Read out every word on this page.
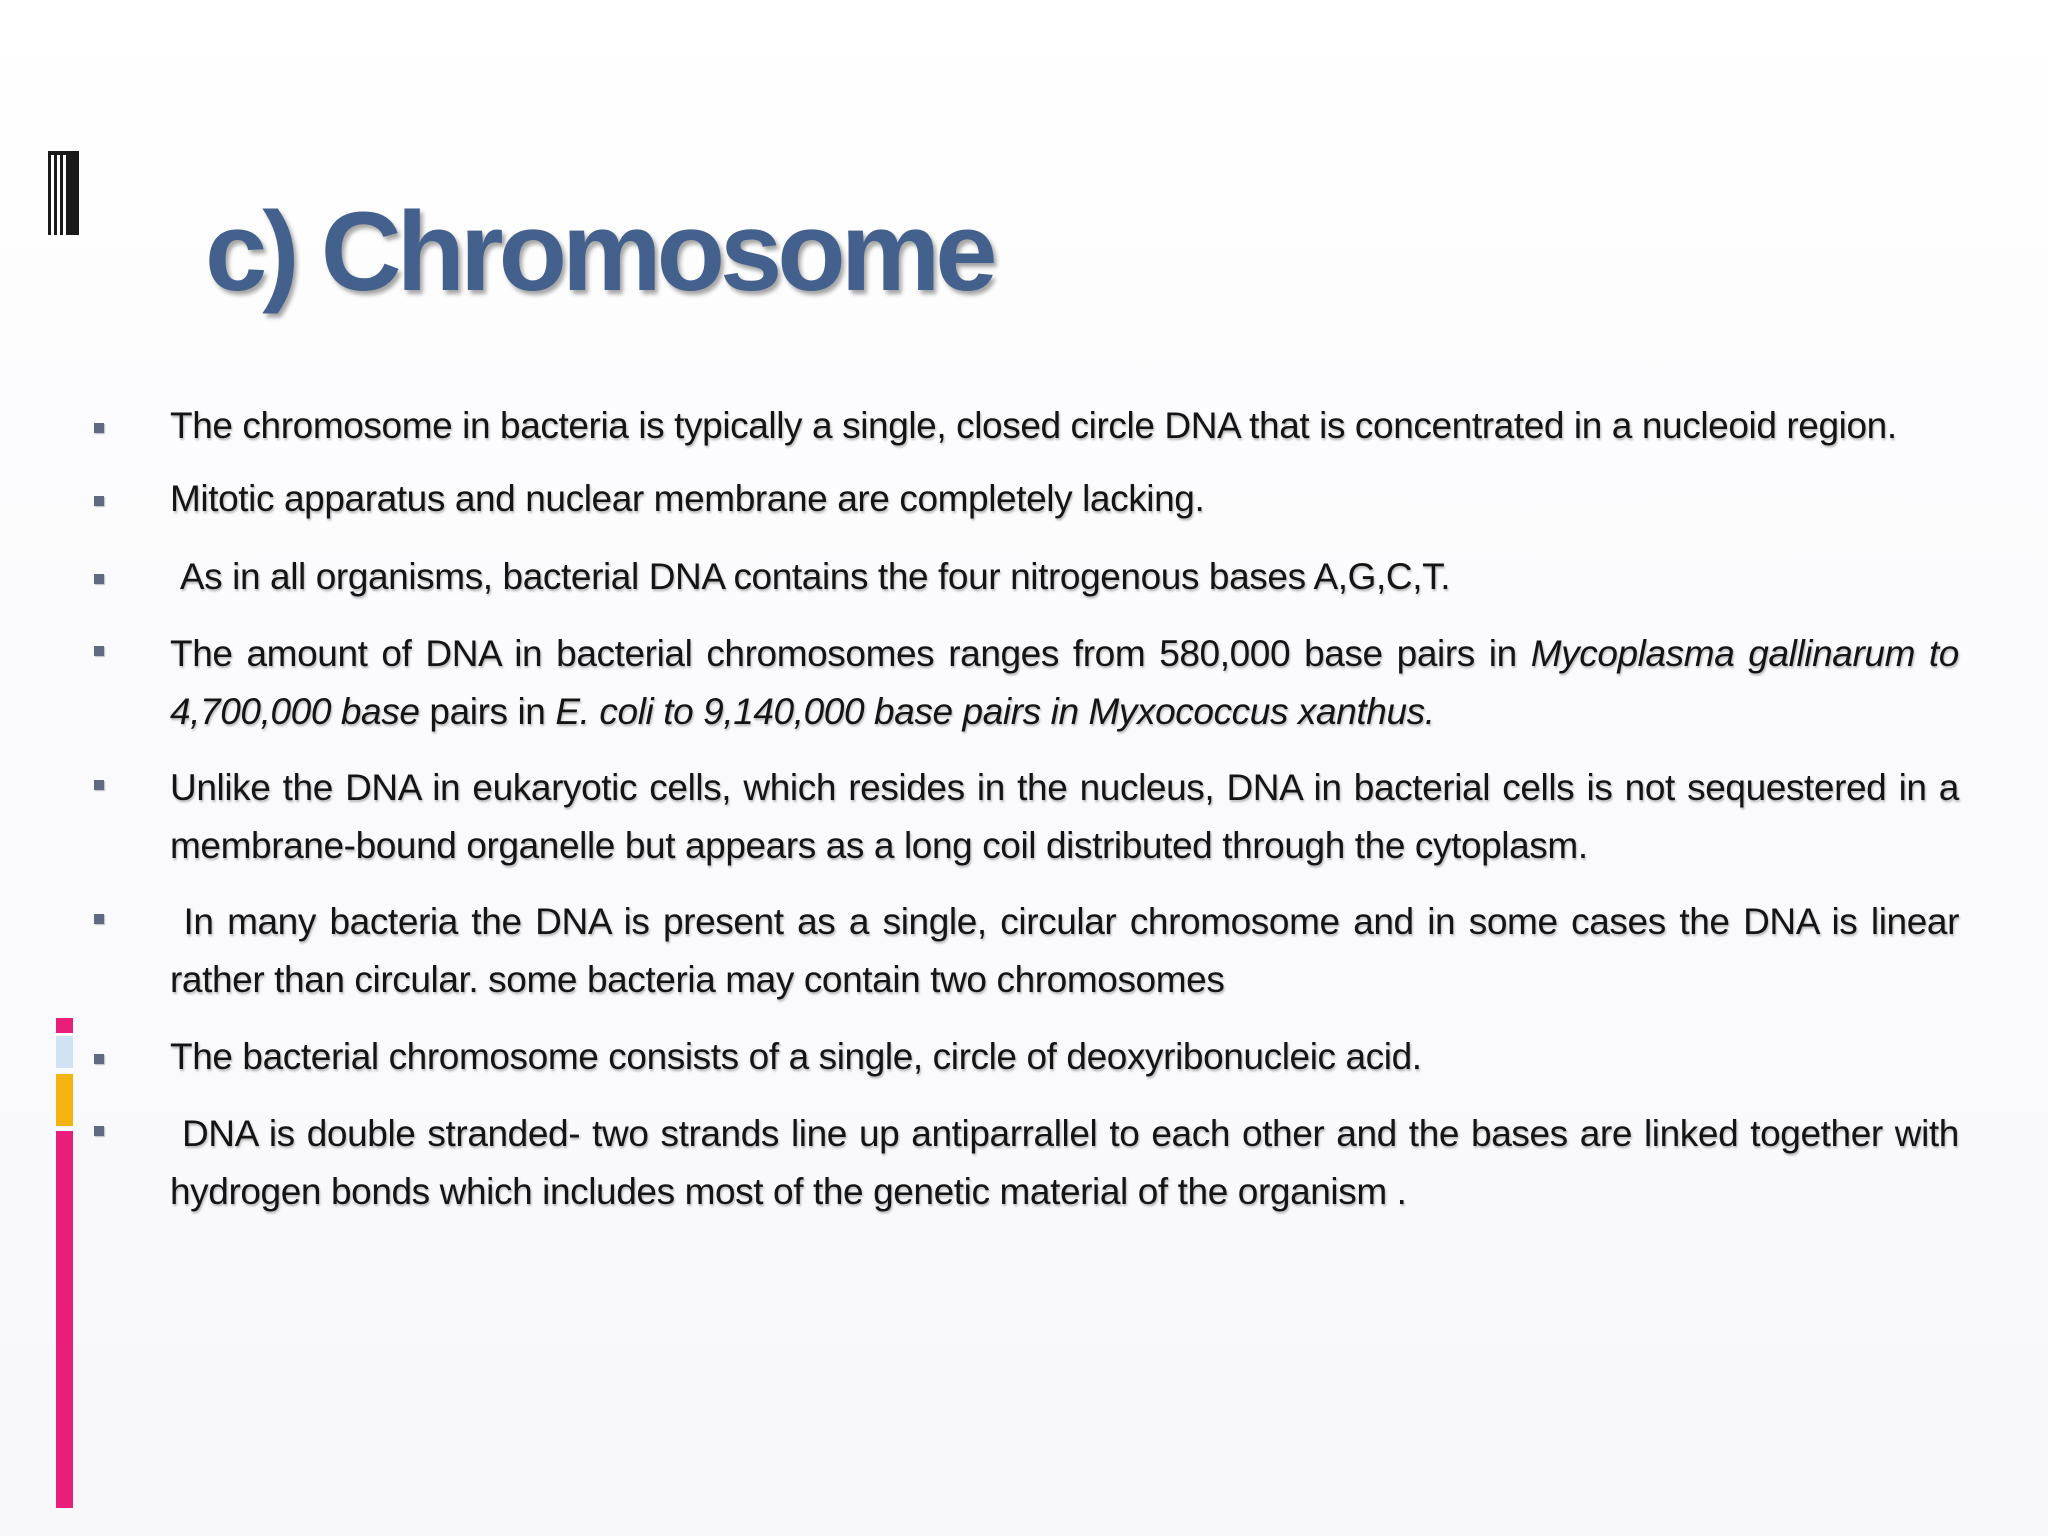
c) Chromosome
The chromosome in bacteria is typically a single, closed circle DNA that is concentrated in a nucleoid region.
Mitotic apparatus and nuclear membrane are completely lacking.
As in all organisms, bacterial DNA contains the four nitrogenous bases A,G,C,T.
The amount of DNA in bacterial chromosomes ranges from 580,000 base pairs in Mycoplasma gallinarum to 4,700,000 base pairs in E. coli to 9,140,000 base pairs in Myxococcus xanthus.
Unlike the DNA in eukaryotic cells, which resides in the nucleus, DNA in bacterial cells is not sequestered in a membrane-bound organelle but appears as a long coil distributed through the cytoplasm.
In many bacteria the DNA is present as a single, circular chromosome and in some cases the DNA is linear rather than circular. some bacteria may contain two chromosomes
The bacterial chromosome consists of a single, circle of deoxyribonucleic acid.
DNA is double stranded- two strands line up antiparrallel to each other and the bases are linked together with hydrogen bonds which includes most of the genetic material of the organism .
